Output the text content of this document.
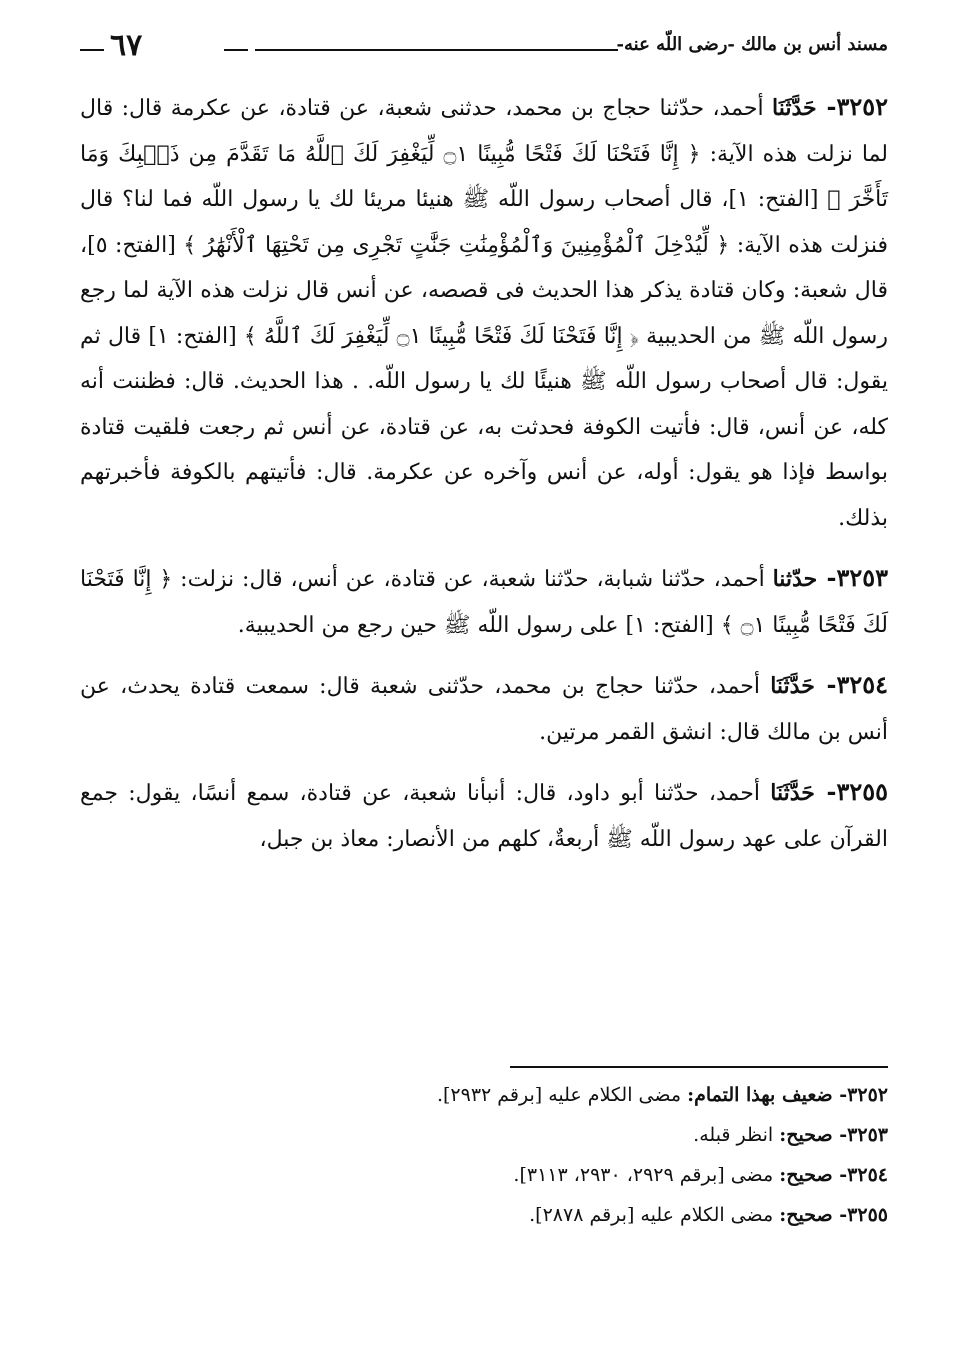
مسند أنس بن مالك -رضى اللّه عنه-
٦٧

٣٢٥٢- حَدَّثَنَا أحمد، حدّثنا حجاج بن محمد، حدثنى شعبة، عن قتادة، عن عكرمة قال: قال لما نزلت هذه الآية: ﴿ إِنَّا فَتَحْنَا لَكَ فَتْحًا مُّبِينًا ۝١ لِّيَغْفِرَ لَكَ ٱللَّهُ مَا تَقَدَّمَ مِن ذَنۢبِكَ وَمَا تَأَخَّرَ ﴾ [الفتح: ١]، قال أصحاب رسول اللّه ﷺ هنيئا مريئا لك يا رسول اللّه فما لنا؟ قال فنزلت هذه الآية: ﴿ لِّيُدْخِلَ ٱلْمُؤْمِنِينَ وَٱلْمُؤْمِنَٰتِ جَنَّٰتٍ تَجْرِى مِن تَحْتِهَا ٱلْأَنْهَٰرُ ﴾ [الفتح: ٥]، قال شعبة: وكان قتادة يذكر هذا الحديث فى قصصه، عن أنس قال نزلت هذه الآية لما رجع رسول اللّه ﷺ من الحديبية ﴿ إِنَّا فَتَحْنَا لَكَ فَتْحًا مُّبِينًا ۝١ لِّيَغْفِرَ لَكَ ٱللَّهُ ﴾ [الفتح: ١] قال ثم يقول: قال أصحاب رسول اللّه ﷺ هنيئًا لك يا رسول اللّه. . هذا الحديث. قال: فظننت أنه كله، عن أنس، قال: فأتيت الكوفة فحدثت به، عن قتادة، عن أنس ثم رجعت فلقيت قتادة بواسط فإذا هو يقول: أوله، عن أنس وآخره عن عكرمة. قال: فأتيتهم بالكوفة فأخبرتهم بذلك.

٣٢٥٣- حدّثنا أحمد، حدّثنا شبابة، حدّثنا شعبة، عن قتادة، عن أنس، قال: نزلت: ﴿ إِنَّا فَتَحْنَا لَكَ فَتْحًا مُّبِينًا ۝١ ﴾ [الفتح: ١] على رسول اللّه ﷺ حين رجع من الحديبية.

٣٢٥٤- حَدَّثَنَا أحمد، حدّثنا حجاج بن محمد، حدّثنى شعبة قال: سمعت قتادة يحدث، عن أنس بن مالك قال: انشق القمر مرتين.

٣٢٥٥- حَدَّثَنَا أحمد، حدّثنا أبو داود، قال: أنبأنا شعبة، عن قتادة، سمع أنسًا، يقول: جمع القرآن على عهد رسول اللّه ﷺ أربعةٌ، كلهم من الأنصار: معاذ بن جبل،

٣٢٥٢- ضعيف بهذا التمام: مضى الكلام عليه [برقم ٢٩٣٢].

٣٢٥٣- صحيح: انظر قبله.

٣٢٥٤- صحيح: مضى [برقم ٢٩٢٩، ٢٩٣٠، ٣١١٣].

٣٢٥٥- صحيح: مضى الكلام عليه [برقم ٢٨٧٨].
